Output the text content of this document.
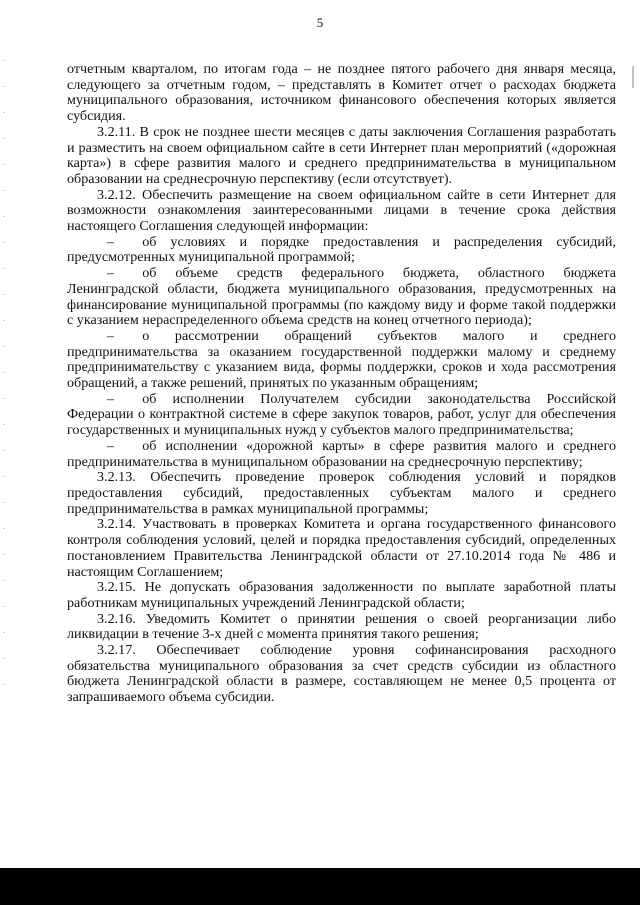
5

отчетным кварталом, по итогам года – не позднее пятого рабочего дня января месяца, следующего за отчетным годом, – представлять в Комитет отчет о расходах бюджета муниципального образования, источником финансового обеспечения которых является субсидия.

3.2.11. В срок не позднее шести месяцев с даты заключения Соглашения разработать и разместить на своем официальном сайте в сети Интернет план мероприятий («дорожная карта») в сфере развития малого и среднего предпринимательства в муниципальном образовании на среднесрочную перспективу (если отсутствует).

3.2.12. Обеспечить размещение на своем официальном сайте в сети Интернет для возможности ознакомления заинтересованными лицами в течение срока действия настоящего Соглашения следующей информации:

–  об условиях и порядке предоставления и распределения субсидий, предусмотренных муниципальной программой;

–  об объеме средств федерального бюджета, областного бюджета Ленинградской области, бюджета муниципального образования, предусмотренных на финансирование муниципальной программы (по каждому виду и форме такой поддержки с указанием нераспределенного объема средств на конец отчетного периода);

–  о рассмотрении обращений субъектов малого и среднего предпринимательства за оказанием государственной поддержки малому и среднему предпринимательству с указанием вида, формы поддержки, сроков и хода рассмотрения обращений, а также решений, принятых по указанным обращениям;

–  об исполнении Получателем субсидии законодательства Российской Федерации о контрактной системе в сфере закупок товаров, работ, услуг для обеспечения государственных и муниципальных нужд у субъектов малого предпринимательства;

–  об исполнении «дорожной карты» в сфере развития малого и среднего предпринимательства в муниципальном образовании на среднесрочную перспективу;

3.2.13. Обеспечить проведение проверок соблюдения условий и порядков предоставления субсидий, предоставленных субъектам малого и среднего предпринимательства в рамках муниципальной программы;

3.2.14. Участвовать в проверках Комитета и органа государственного финансового контроля соблюдения условий, целей и порядка предоставления субсидий, определенных постановлением Правительства Ленинградской области от 27.10.2014 года № 486 и настоящим Соглашением;

3.2.15. Не допускать образования задолженности по выплате заработной платы работникам муниципальных учреждений Ленинградской области;

3.2.16. Уведомить Комитет о принятии решения о своей реорганизации либо ликвидации в течение 3-х дней с момента принятия такого решения;

3.2.17. Обеспечивает соблюдение уровня софинансирования расходного обязательства муниципального образования за счет средств субсидии из областного бюджета Ленинградской области в размере, составляющем не менее 0,5 процента от запрашиваемого объема субсидии.
